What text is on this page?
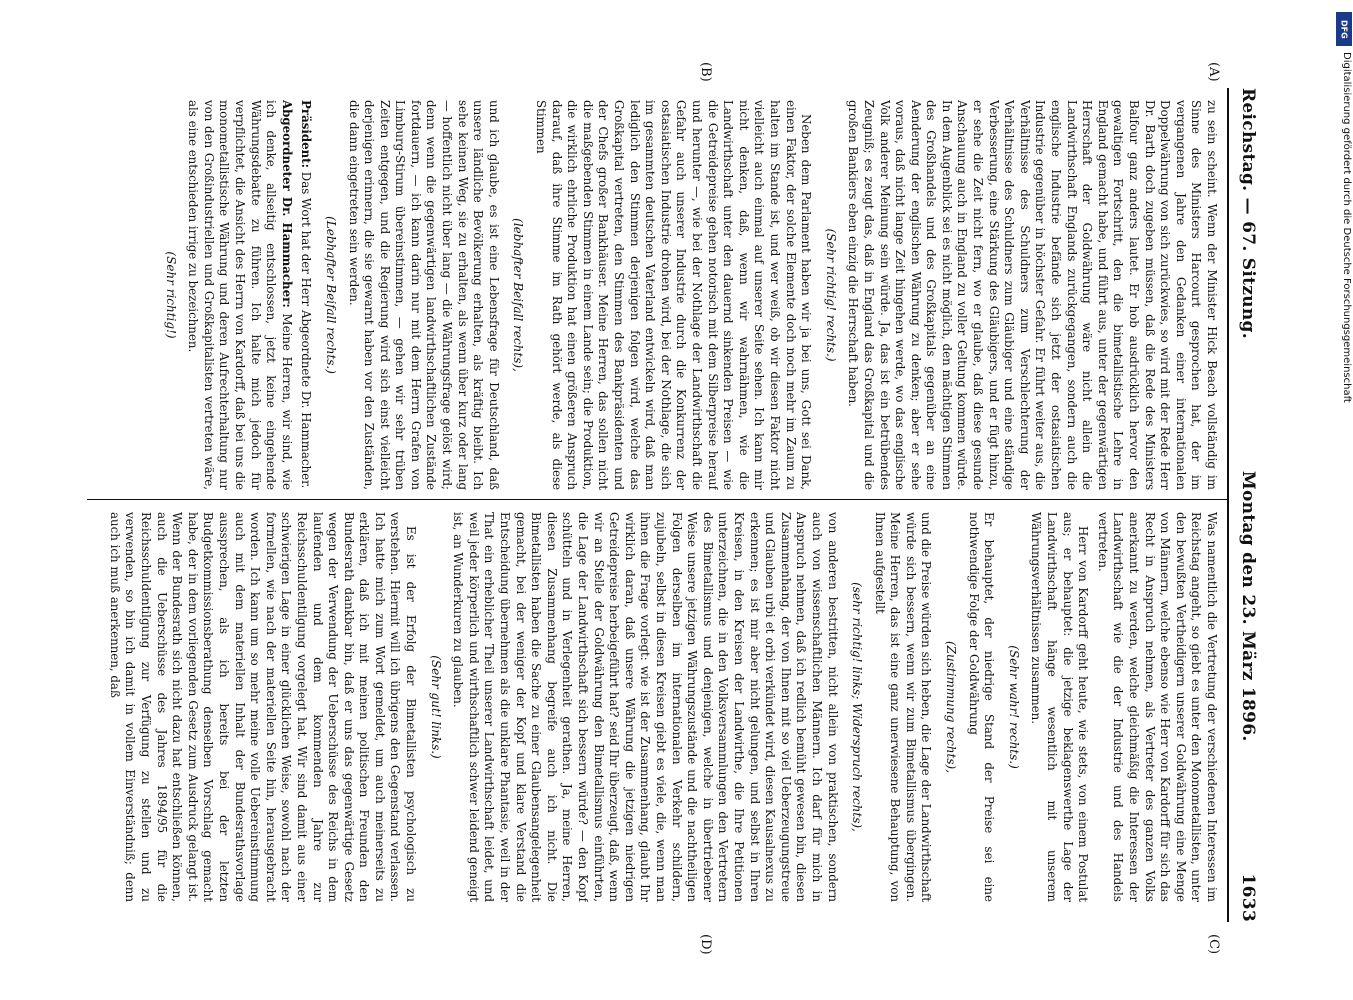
Reichstag. — 67. Sitzung.
Montag den 23. März 1896.
1633
(A)
(B)
(C)
(D)

zu sein scheint. Wenn der Minister Hick Beach vollständig im Sinne des Ministers Harcourt gesprochen hat, der im vergangenen Jahre den Gedanken einer internationalen Doppelwährung von sich zurückwies, so wird mit der Rede Herr Dr. Barth doch zugeben müssen, daß die Rede des Ministers Balfour ganz anders lautet. Er hob ausdrücklich hervor den gewaltigen Fortschritt, den die bimetallistische Lehre in England gemacht habe, und führt aus, unter der gegenwärtigen Herrschaft der Goldwährung wäre nicht allein die Landwirthschaft Englands zurückgegangen, sondern auch die englische Industrie befände sich jetzt der ostasiatischen Industrie gegenüber in höchster Gefahr. Er führt weiter aus, die Verhältnisse des Schuldners zum Verschlechterung der Verhältnisse des Schuldners zum Gläubiger und eine ständige Verbesserung, eine Stärkung des Gläubigers, und er fügt hinzu, er sehe die Zeit nicht fern, wo er glaube, daß diese gesunde Anschauung auch in England zu voller Geltung kommen würde. In dem Augenblick sei es nicht möglich, den mächtigen Stimmen des Großhandels und des Großkapitals gegenüber an eine Aenderung der englischen Währung zu denken; aber er sehe voraus, daß nicht lange Zeit hingehen werde, wo das englische Volk anderer Meinung sein würde. Ja, das ist ein betrübendes Zeugniß; es zeugt das, daß in England das Großkapital und die großen Bankiers eben einzig die Herrschaft haben.

(Sehr richtig! rechts.)

Neben dem Parlament haben wir ja bei uns, Gott sei Dank, einen Faktor, der solche Elemente doch noch mehr im Zaum zu halten im Stande ist, und wer weiß, ob wir diesen Faktor nicht vielleicht auch einmal auf unserer Seite sehen. Ich kann mir nicht denken, daß, wenn wir wahrnähmen, wie die Landwirthschaft unter den dauernd sinkenden Preisen — wie die Getreidepreise gehen notorisch mit dem Silberpreise herauf und herunter —, wie bei der Nothlage der Landwirthschaft die Gefahr auch unserer Industrie durch die Konkurrenz der ostasiatischen Industrie drohen wird, bei der Nothlage, die sich im gesammten deutschen Vaterland entwickeln wird, daß man lediglich den Stimmen derjenigen folgen wird, welche das Großkapital vertreten, den Stimmen des Bankpräsidenten und der Chefs großer Bankhäuser. Meine Herren, das sollen nicht die maßgebenden Stimmen in einem Lande sein; die Produktion, die wirklich ehrliche Produktion hat einen größeren Anspruch darauf, daß ihre Stimme im Rath gehört werde, als diese Stimmen

(lebhafter Beifall rechts),

und ich glaube, es ist eine Lebensfrage für Deutschland, daß unsere ländliche Bevölkerung erhalten, als kräftig bleibt. Ich sehe keinen Weg, sie zu erhalten, als wenn über kurz oder lang — hoffentlich nicht über lang — die Währungsfrage gelöst wird; denn wenn die gegenwärtigen landwirthschaftlichen Zustände fortdauern, — ich kann darin nur mit dem Herrn Grafen von Limburg-Stirum übereinstimmen, — gehen wir sehr trüben Zeiten entgegen, und die Regierung wird sich einst vielleicht derjenigen erinnern, die sie gewarnt haben vor den Zuständen, die dann eingetreten sein werden.

(Lebhafter Beifall rechts.)

Präsident: Das Wort hat der Herr Abgeordnete Dr. Hammacher.

Abgeordneter Dr. Hammacher: Meine Herren, wir sind, wie ich denke, allseitig entschlossen, jetzt keine eingehende Währungsdebatte zu führen. Ich halte mich jedoch für verpflichtet, die Ansicht des Herrn von Kardorff, daß bei uns die monometallistische Währung und deren Aufrechterhaltung nur von den Großindustriellen und Großkapitalisten vertreten wäre, als eine entschieden irrige zu bezeichnen.

(Sehr richtig!)

Was namentlich die Vertretung der verschiedenen Interessen im Reichstag angeht, so giebt es unter den Monometallisten, unter den bewußten Vertheidigern unserer Goldwährung eine Menge von Männern, welche ebenso wie Herr von Kardorff für sich das Recht in Anspruch nehmen, als Vertreter des ganzen Volks anerkannt zu werden, welche gleichmäßig die Interessen der Landwirthschaft wie die der Industrie und des Handels vertreten.

Herr von Kardorff geht heute, wie stets, von einem Postulat aus; er behauptet: die jetzige beklagenswerthe Lage der Landwirthschaft hänge wesentlich mit unserem Währungsverhältnissen zusammen.

(Sehr wahr! rechts.)

Er behauptet, der niedrige Stand der Preise sei eine nothwendige Folge der Goldwährung

(Zustimmung rechts),

und die Preise würden sich heben, die Lage der Landwirthschaft würde sich bessern, wenn wir zum Bimetallismus übergingen. Meine Herren, das ist eine ganz unerwiesene Behauptung, von Ihnen aufgestellt

(sehr richtig! links; Widerspruch rechts),

von anderen bestritten, nicht allein von praktischen, sondern auch von wissenschaftlichen Männern. Ich darf für mich in Anspruch nehmen, daß ich redlich bemüht gewesen bin, diesen Zusammenhang, der von Ihnen mit so viel Ueberzeugungstreue und Glauben urbi et orbi verkündet wird, diesen Kausalnexus zu erkennen; es ist mir aber nicht gelungen, und selbst in Ihren Kreisen, in den Kreisen der Landwirthe, die Ihre Petitionen unterzeichnen, die in den Volksversammlungen den Vertretern des Bimetallismus und denjenigen, welche in übertriebener Weise unsere jetzigen Währungszustände und die nachtheiligen Folgen derselben im internationalen Verkehr schildern, zujubeln, selbst in diesen Kreisen giebt es viele, die, wenn man ihnen die Frage vorlegt: wie ist der Zusammenhang, glaubt Ihr wirklich daran, daß unsere Währung die jetzigen niedrigen Getreidepreise herbeigeführt hat? seid Ihr überzeugt, daß, wenn wir an Stelle der Goldwährung den Bimetallismus einführten, die Lage der Landwirthschaft sich bessern würde? — den Kopf schütteln und in Verlegenheit gerathen. Ja, meine Herren, diesen Zusammenhang begreife auch ich nicht. Die Bimetallisten haben die Sache zu einer Glaubensangelegenheit gemacht, bei der weniger der Kopf und klare Verstand die Entscheidung übernehmen als die unklare Phantasie, weil in der That ein erheblicher Theil unserer Landwirthschaft leidet, und weil jeder körperlich und wirthschaftlich schwer leidend geneigt ist, an Wunderkuren zu glauben.

(Sehr gut! links.)

Es ist der Erfolg der Bimetallisten psychologisch zu verstehen. Hiermit will ich übrigens den Gegenstand verlassen. Ich hatte mich zum Wort gemeldet, um auch meinerseits zu erklären, daß ich mit meinen politischen Freunden den Bundesrath dankbar bin, daß er uns das gegenwärtige Gesetz wegen der Verwendung der Ueberschüsse des Reichs in dem laufenden und dem kommenden Jahre zur Reichsschuldentilgung vorgelegt hat. Wir sind damit aus einer schwierigen Lage in einer glücklichen Weise, sowohl nach der formellen, wie nach der materiellen Seite hin, herausgebracht worden. Ich kann um so mehr meine volle Uebereinstimmung auch mit dem materiellen Inhalt der Bundesrathsvorlage aussprechen, als ich bereits bei der letzten Budgetkommissionsberathung denselben Vorschlag gemacht habe, der in dem vorliegenden Gesetz zum Ausdruck gelangt ist. Wenn der Bundesrath sich nicht dazu hat entschließen können, auch die Ueberschüsse des Jahres 1894/95 für die Reichsschuldentilgung zur Verfügung zu stellen und zu verwenden, so bin ich damit in vollem Einverständniß; denn auch ich muß anerkennen, daß

DFG
Digitalisierung gefördert durch die Deutsche Forschungsgemeinschaft
